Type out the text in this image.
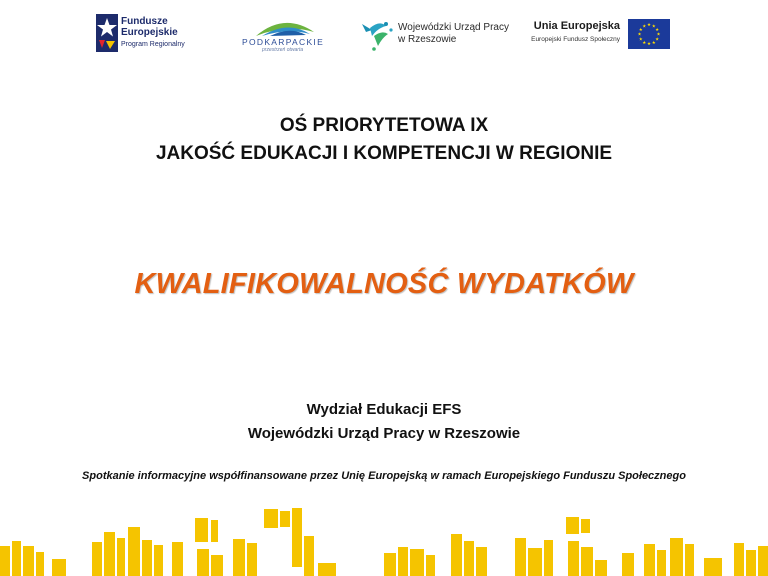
Fundusze
Europejskie
Program Regionalny	PODKARPACKIE
przestrzeń otwarta
Wojewódzki Urząd Pracy
w Rzeszowie
Unia Europejska
Europejski Fundusz Społeczny
★ ★
★
★
★
★
★
★
★
★
★
★
OŚ PRIORYTETOWA IX
JAKOŚĆ EDUKACJI I KOMPETENCJI W REGIONIE
KWALIFIKOWALNOŚĆ WYDATKÓW
Wydział Edukacji EFS
Wojewódzki Urząd Pracy w Rzeszowie
Spotkanie informacyjne współfinansowane przez Unię Europejską w ramach Europejskiego Funduszu Społecznego
